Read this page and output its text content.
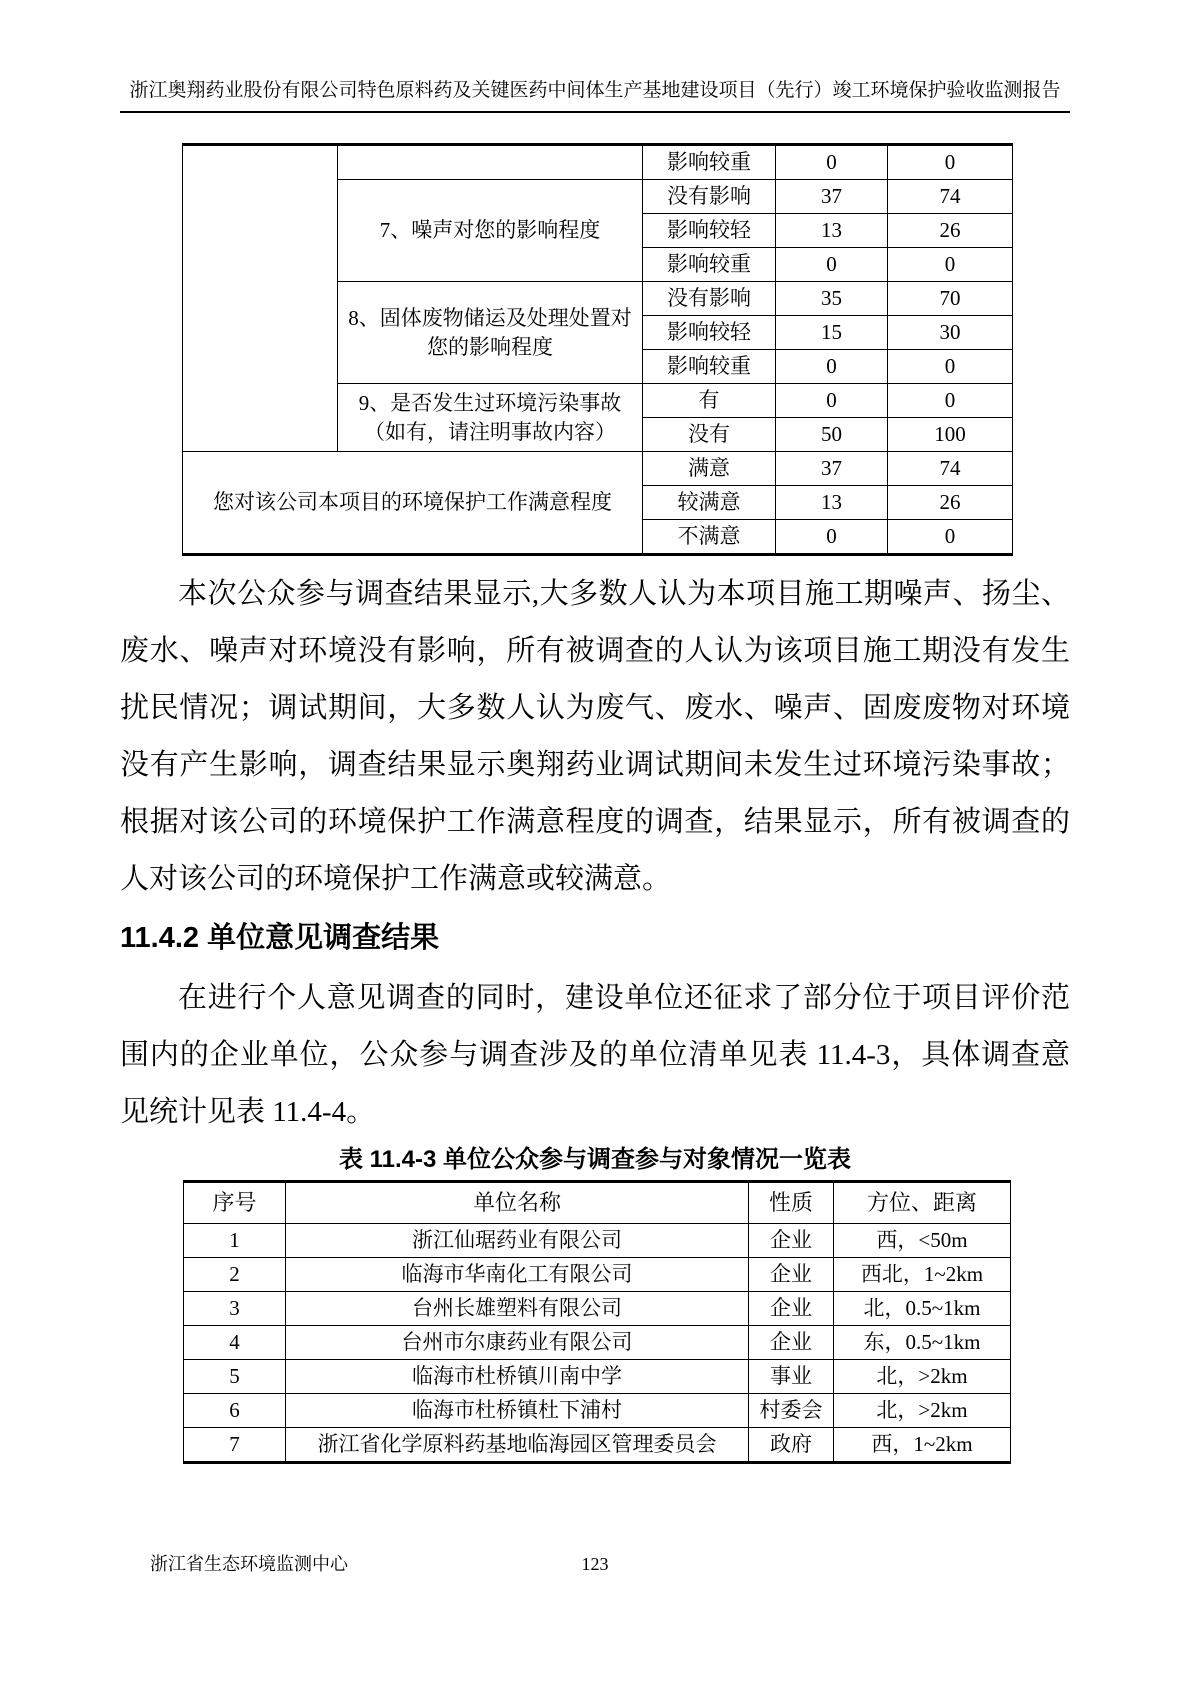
浙江奥翔药业股份有限公司特色原料药及关键医药中间体生产基地建设项目（先行）竣工环境保护验收监测报告
		影响较重	0	0
	7、噪声对您的影响程度	没有影响	37	74
		影响较轻	13	26
		影响较重	0	0
	8、固体废物储运及处理处置对您的影响程度	没有影响	35	70
		影响较轻	15	30
		影响较重	0	0
	9、是否发生过环境污染事故（如有，请注明事故内容）	有	0	0
		没有	50	100
您对该公司本项目的环境保护工作满意程度		满意	37	74
		较满意	13	26
		不满意	0	0
本次公众参与调查结果显示,大多数人认为本项目施工期噪声、扬尘、
废水、噪声对环境没有影响，所有被调查的人认为该项目施工期没有发生
扰民情况；调试期间，大多数人认为废气、废水、噪声、固废废物对环境
没有产生影响，调查结果显示奥翔药业调试期间未发生过环境污染事故；
根据对该公司的环境保护工作满意程度的调查，结果显示，所有被调查的
人对该公司的环境保护工作满意或较满意。
11.4.2 单位意见调查结果
在进行个人意见调查的同时，建设单位还征求了部分位于项目评价范
围内的企业单位，公众参与调查涉及的单位清单见表 11.4-3，具体调查意
见统计见表 11.4-4。
表 11.4-3 单位公众参与调查参与对象情况一览表
序号	单位名称	性质	方位、距离
1	浙江仙琚药业有限公司	企业	西，<50m
2	临海市华南化工有限公司	企业	西北，1~2km
3	台州长雄塑料有限公司	企业	北，0.5~1km
4	台州市尔康药业有限公司	企业	东，0.5~1km
5	临海市杜桥镇川南中学	事业	北，>2km
6	临海市杜桥镇杜下浦村	村委会	北，>2km
7	浙江省化学原料药基地临海园区管理委员会	政府	西，1~2km
浙江省生态环境监测中心	123
